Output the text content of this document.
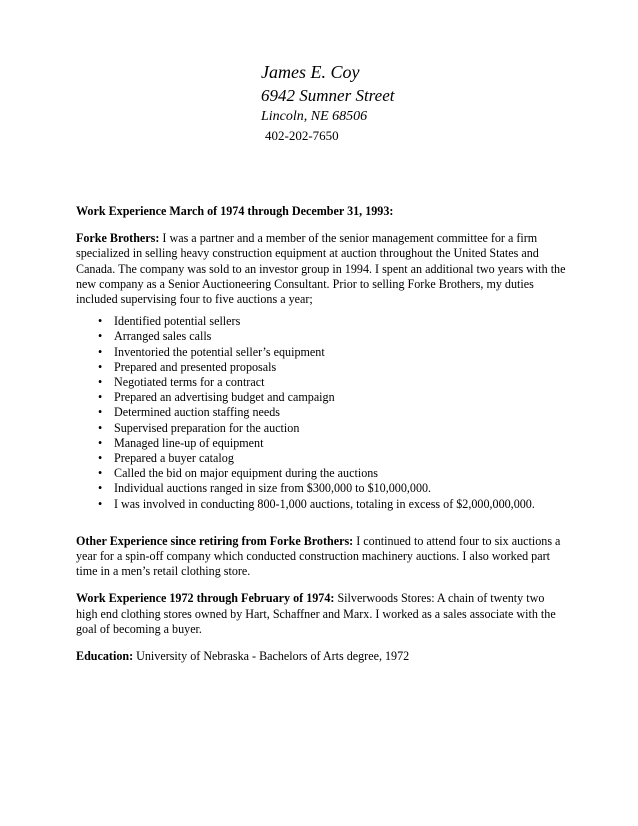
James E. Coy
6942 Sumner Street
Lincoln, NE 68506
402-202-7650

Work Experience March of 1974 through December 31, 1993:

Forke Brothers: I was a partner and a member of the senior management committee for a firm specialized in selling heavy construction equipment at auction throughout the United States and Canada. The company was sold to an investor group in 1994. I spent an additional two years with the new company as a Senior Auctioneering Consultant. Prior to selling Forke Brothers, my duties included supervising four to five auctions a year;

• Identified potential sellers
• Arranged sales calls
• Inventoried the potential seller’s equipment
• Prepared and presented proposals
• Negotiated terms for a contract
• Prepared an advertising budget and campaign
• Determined auction staffing needs
• Supervised preparation for the auction
• Managed line-up of equipment
• Prepared a buyer catalog
• Called the bid on major equipment during the auctions
• Individual auctions ranged in size from $300,000 to $10,000,000.
• I was involved in conducting 800-1,000 auctions, totaling in excess of $2,000,000,000.

Other Experience since retiring from Forke Brothers: I continued to attend four to six auctions a year for a spin-off company which conducted construction machinery auctions. I also worked part time in a men’s retail clothing store.

Work Experience 1972 through February of 1974: Silverwoods Stores: A chain of twenty two high end clothing stores owned by Hart, Schaffner and Marx. I worked as a sales associate with the goal of becoming a buyer.

Education: University of Nebraska - Bachelors of Arts degree, 1972
